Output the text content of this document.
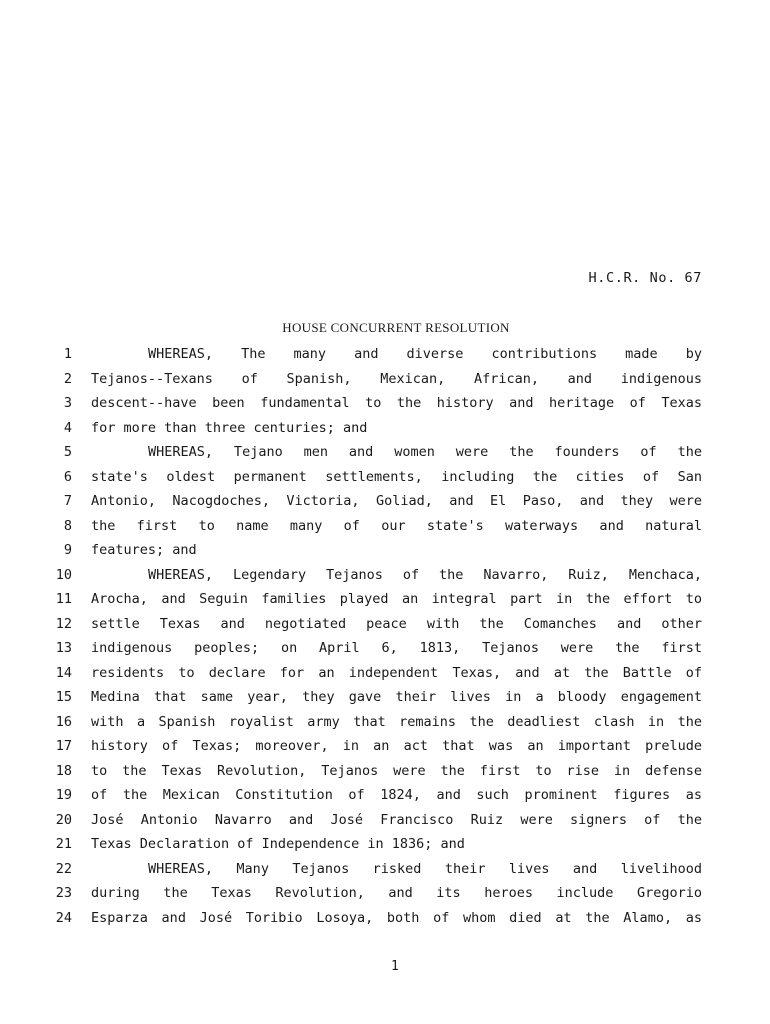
H.C.R. No. 67
HOUSE CONCURRENT RESOLUTION
1	WHEREAS, The many and diverse contributions made by
2 Tejanos--Texans of Spanish, Mexican, African, and indigenous
3 descent--have been fundamental to the history and heritage of Texas
4 for more than three centuries; and
5	WHEREAS, Tejano men and women were the founders of the
6 state's oldest permanent settlements, including the cities of San
7 Antonio, Nacogdoches, Victoria, Goliad, and El Paso, and they were
8 the first to name many of our state's waterways and natural
9 features; and
10	WHEREAS, Legendary Tejanos of the Navarro, Ruiz, Menchaca,
11 Arocha, and Seguin families played an integral part in the effort to
12 settle Texas and negotiated peace with the Comanches and other
13 indigenous peoples; on April 6, 1813, Tejanos were the first
14 residents to declare for an independent Texas, and at the Battle of
15 Medina that same year, they gave their lives in a bloody engagement
16 with a Spanish royalist army that remains the deadliest clash in the
17 history of Texas; moreover, in an act that was an important prelude
18 to the Texas Revolution, Tejanos were the first to rise in defense
19 of the Mexican Constitution of 1824, and such prominent figures as
20 José Antonio Navarro and José Francisco Ruiz were signers of the
21 Texas Declaration of Independence in 1836; and
22	WHEREAS, Many Tejanos risked their lives and livelihood
23 during the Texas Revolution, and its heroes include Gregorio
24 Esparza and José Toribio Losoya, both of whom died at the Alamo, as
1
